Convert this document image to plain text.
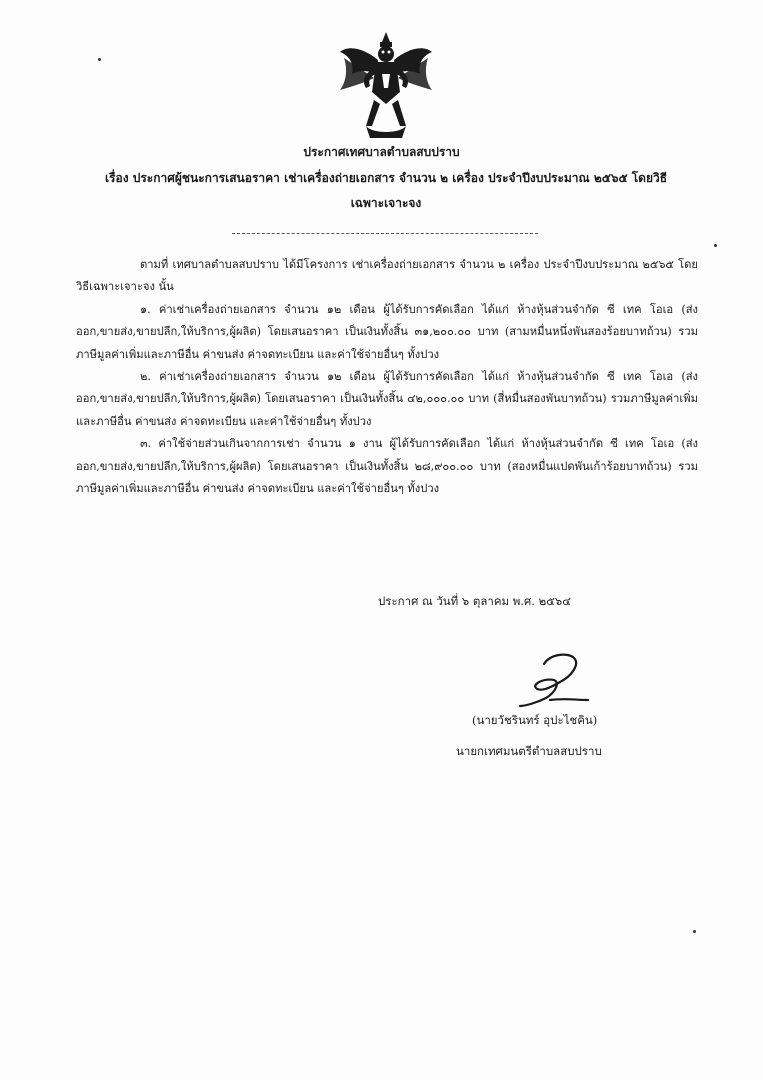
ประกาศเทศบาลตำบลสบปราบ
เรื่อง ประกาศผู้ชนะการเสนอราคา เช่าเครื่องถ่ายเอกสาร จำนวน ๒ เครื่อง ประจำปีงบประมาณ ๒๕๖๕ โดยวิธี
เฉพาะเจาะจง

ตามที่ เทศบาลตำบลสบปราบ ได้มีโครงการ เช่าเครื่องถ่ายเอกสาร จำนวน ๒ เครื่อง ประจำปีงบประมาณ ๒๕๖๕ โดยวิธีเฉพาะเจาะจง นั้น

๑. ค่าเช่าเครื่องถ่ายเอกสาร จำนวน ๑๒ เดือน ผู้ได้รับการคัดเลือก ได้แก่ ห้างหุ้นส่วนจำกัด ซี เทค โอเอ (ส่งออก,ขายส่ง,ขายปลีก,ให้บริการ,ผู้ผลิต) โดยเสนอราคา เป็นเงินทั้งสิ้น ๓๑,๒๐๐.๐๐ บาท (สามหมื่นหนึ่งพันสองร้อยบาทถ้วน) รวมภาษีมูลค่าเพิ่มและภาษีอื่น ค่าขนส่ง ค่าจดทะเบียน และค่าใช้จ่ายอื่นๆ ทั้งปวง

๒. ค่าเช่าเครื่องถ่ายเอกสาร จำนวน ๑๒ เดือน ผู้ได้รับการคัดเลือก ได้แก่ ห้างหุ้นส่วนจำกัด ซี เทค โอเอ (ส่งออก,ขายส่ง,ขายปลีก,ให้บริการ,ผู้ผลิต) โดยเสนอราคา เป็นเงินทั้งสิ้น ๔๒,๐๐๐.๐๐ บาท (สี่หมื่นสองพันบาทถ้วน) รวมภาษีมูลค่าเพิ่มและภาษีอื่น ค่าขนส่ง ค่าจดทะเบียน และค่าใช้จ่ายอื่นๆ ทั้งปวง

๓. ค่าใช้จ่ายส่วนเกินจากการเช่า จำนวน ๑ งาน ผู้ได้รับการคัดเลือก ได้แก่ ห้างหุ้นส่วนจำกัด ซี เทค โอเอ (ส่งออก,ขายส่ง,ขายปลีก,ให้บริการ,ผู้ผลิต) โดยเสนอราคา เป็นเงินทั้งสิ้น ๒๘,๙๐๐.๐๐ บาท (สองหมื่นแปดพันเก้าร้อยบาทถ้วน) รวมภาษีมูลค่าเพิ่มและภาษีอื่น ค่าขนส่ง ค่าจดทะเบียน และค่าใช้จ่ายอื่นๆ ทั้งปวง

ประกาศ ณ วันที่ ๖ ตุลาคม พ.ศ. ๒๕๖๔
(นายวัชรินทร์ อุปะไชคิน)
นายกเทศมนตรีตำบลสบปราบ
